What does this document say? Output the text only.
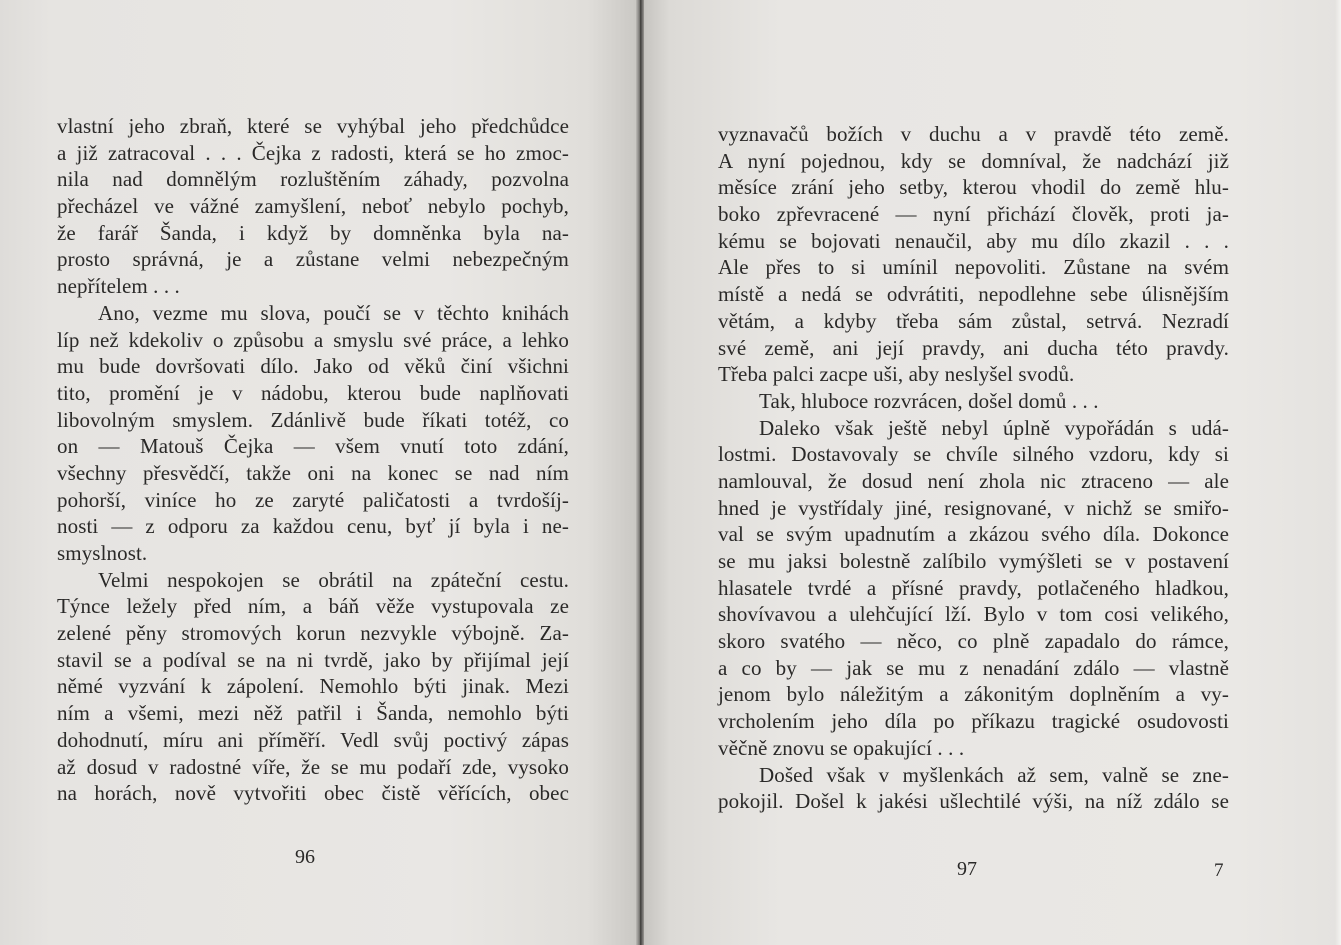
vlastní jeho zbraň, které se vyhýbal jeho předchůdce
a již zatracoval . . . Čejka z radosti, která se ho zmoc-
nila nad domnělým rozluštěním záhady, pozvolna
přecházel ve vážné zamyšlení, neboť nebylo pochyb,
že farář Šanda, i když by domněnka byla na-
prosto správná, je a zůstane velmi nebezpečným
nepřítelem . . .
Ano, vezme mu slova, poučí se v těchto knihách
líp než kdekoliv o způsobu a smyslu své práce, a lehko
mu bude dovršovati dílo. Jako od věků činí všichni
tito, promění je v nádobu, kterou bude naplňovati
libovolným smyslem. Zdánlivě bude říkati totéž, co
on — Matouš Čejka — všem vnutí toto zdání,
všechny přesvědčí, takže oni na konec se nad ním
pohorší, viníce ho ze zaryté paličatosti a tvrdošíj-
nosti — z odporu za každou cenu, byť jí byla i ne-
smyslnost.
Velmi nespokojen se obrátil na zpáteční cestu.
Týnce ležely před ním, a báň věže vystupovala ze
zelené pěny stromových korun nezvykle výbojně. Za-
stavil se a podíval se na ni tvrdě, jako by přijímal její
němé vyzvání k zápolení. Nemohlo býti jinak. Mezi
ním a všemi, mezi něž patřil i Šanda, nemohlo býti
dohodnutí, míru ani příměří. Vedl svůj poctivý zápas
až dosud v radostné víře, že se mu podaří zde, vysoko
na horách, nově vytvořiti obec čistě věřících, obec
vyznavačů božích v duchu a v pravdě této země.
A nyní pojednou, kdy se domníval, že nadchází již
měsíce zrání jeho setby, kterou vhodil do země hlu-
boko zpřevracené — nyní přichází člověk, proti ja-
kému se bojovati nenaučil, aby mu dílo zkazil . . .
Ale přes to si umínil nepovoliti. Zůstane na svém
místě a nedá se odvrátiti, nepodlehne sebe úlisnějším
větám, a kdyby třeba sám zůstal, setrvá. Nezradí
své země, ani její pravdy, ani ducha této pravdy.
Třeba palci zacpe uši, aby neslyšel svodů.
Tak, hluboce rozvrácen, došel domů . . .
Daleko však ještě nebyl úplně vypořádán s udá-
lostmi. Dostavovaly se chvíle silného vzdoru, kdy si
namlouval, že dosud není zhola nic ztraceno — ale
hned je vystřídaly jiné, resignované, v nichž se smiřo-
val se svým upadnutím a zkázou svého díla. Dokonce
se mu jaksi bolestně zalíbilo vymýšleti se v postavení
hlasatele tvrdé a přísné pravdy, potlačeného hladkou,
shovívavou a ulehčující lží. Bylo v tom cosi velikého,
skoro svatého — něco, co plně zapadalo do rámce,
a co by — jak se mu z nenadání zdálo — vlastně
jenom bylo náležitým a zákonitým doplněním a vy-
vrcholením jeho díla po příkazu tragické osudovosti
věčně znovu se opakující . . .
Došed však v myšlenkách až sem, valně se zne-
pokojil. Došel k jakési ušlechtilé výši, na níž zdálo se
96
97	7
